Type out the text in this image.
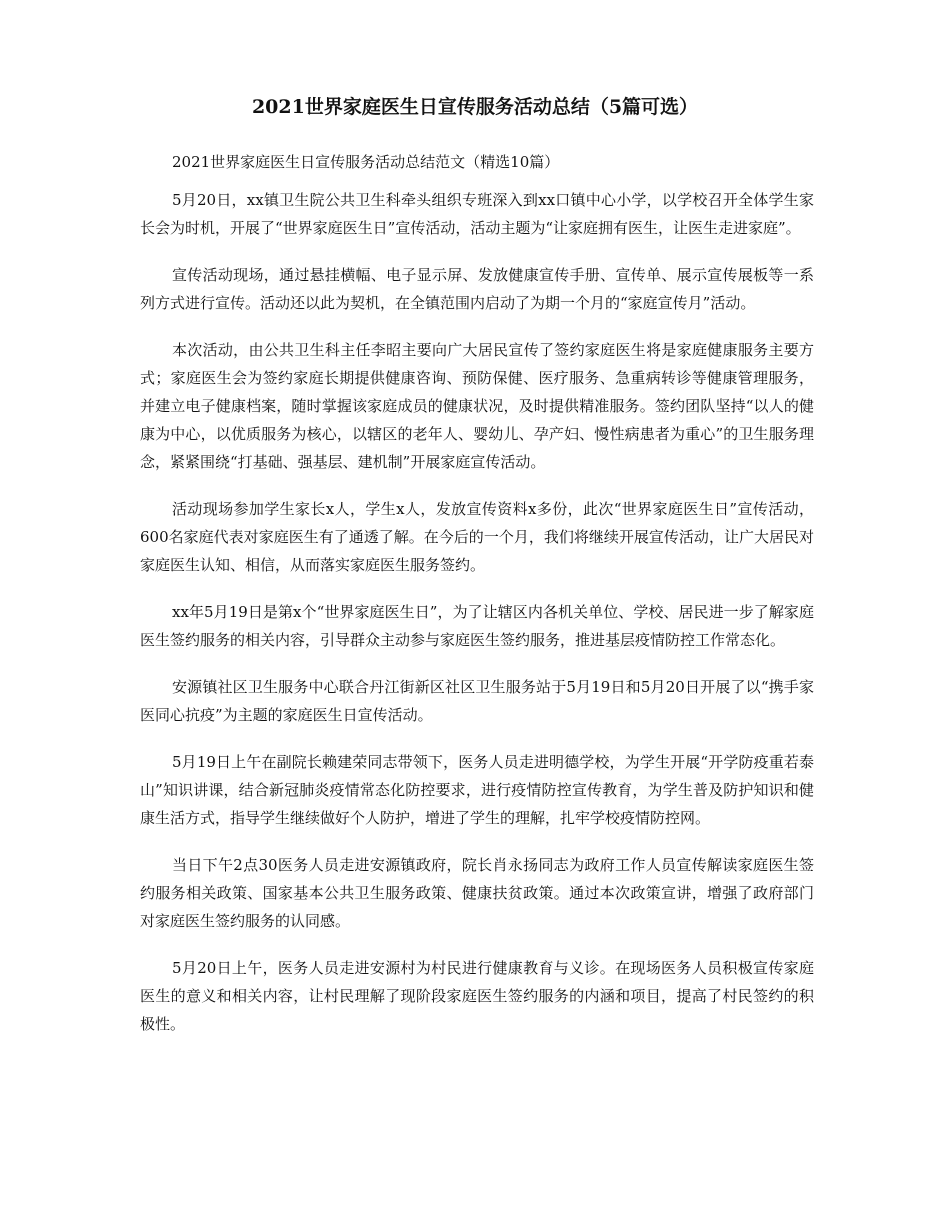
2021世界家庭医生日宣传服务活动总结（5篇可选）
2021世界家庭医生日宣传服务活动总结范文（精选10篇）

5月20日，xx镇卫生院公共卫生科牵头组织专班深入到xx口镇中心小学，以学校召开全体学生家长会为时机，开展了“世界家庭医生日”宣传活动，活动主题为“让家庭拥有医生，让医生走进家庭”。

宣传活动现场，通过悬挂横幅、电子显示屏、发放健康宣传手册、宣传单、展示宣传展板等一系列方式进行宣传。活动还以此为契机，在全镇范围内启动了为期一个月的“家庭宣传月”活动。

本次活动，由公共卫生科主任李昭主要向广大居民宣传了签约家庭医生将是家庭健康服务主要方式；家庭医生会为签约家庭长期提供健康咨询、预防保健、医疗服务、急重病转诊等健康管理服务，并建立电子健康档案，随时掌握该家庭成员的健康状况，及时提供精准服务。签约团队坚持“以人的健康为中心，以优质服务为核心，以辖区的老年人、婴幼儿、孕产妇、慢性病患者为重心”的卫生服务理念，紧紧围绕“打基础、强基层、建机制”开展家庭宣传活动。

活动现场参加学生家长x人，学生x人，发放宣传资料x多份，此次“世界家庭医生日”宣传活动，600名家庭代表对家庭医生有了通透了解。在今后的一个月，我们将继续开展宣传活动，让广大居民对家庭医生认知、相信，从而落实家庭医生服务签约。

xx年5月19日是第x个“世界家庭医生日”，为了让辖区内各机关单位、学校、居民进一步了解家庭医生签约服务的相关内容，引导群众主动参与家庭医生签约服务，推进基层疫情防控工作常态化。

安源镇社区卫生服务中心联合丹江街新区社区卫生服务站于5月19日和5月20日开展了以“携手家医同心抗疫”为主题的家庭医生日宣传活动。

5月19日上午在副院长赖建荣同志带领下，医务人员走进明德学校，为学生开展“开学防疫重若泰山”知识讲课，结合新冠肺炎疫情常态化防控要求，进行疫情防控宣传教育，为学生普及防护知识和健康生活方式，指导学生继续做好个人防护，增进了学生的理解，扎牢学校疫情防控网。

当日下午2点30医务人员走进安源镇政府，院长肖永扬同志为政府工作人员宣传解读家庭医生签约服务相关政策、国家基本公共卫生服务政策、健康扶贫政策。通过本次政策宣讲，增强了政府部门对家庭医生签约服务的认同感。

5月20日上午，医务人员走进安源村为村民进行健康教育与义诊。在现场医务人员积极宣传家庭医生的意义和相关内容，让村民理解了现阶段家庭医生签约服务的内涵和项目，提高了村民签约的积极性。
